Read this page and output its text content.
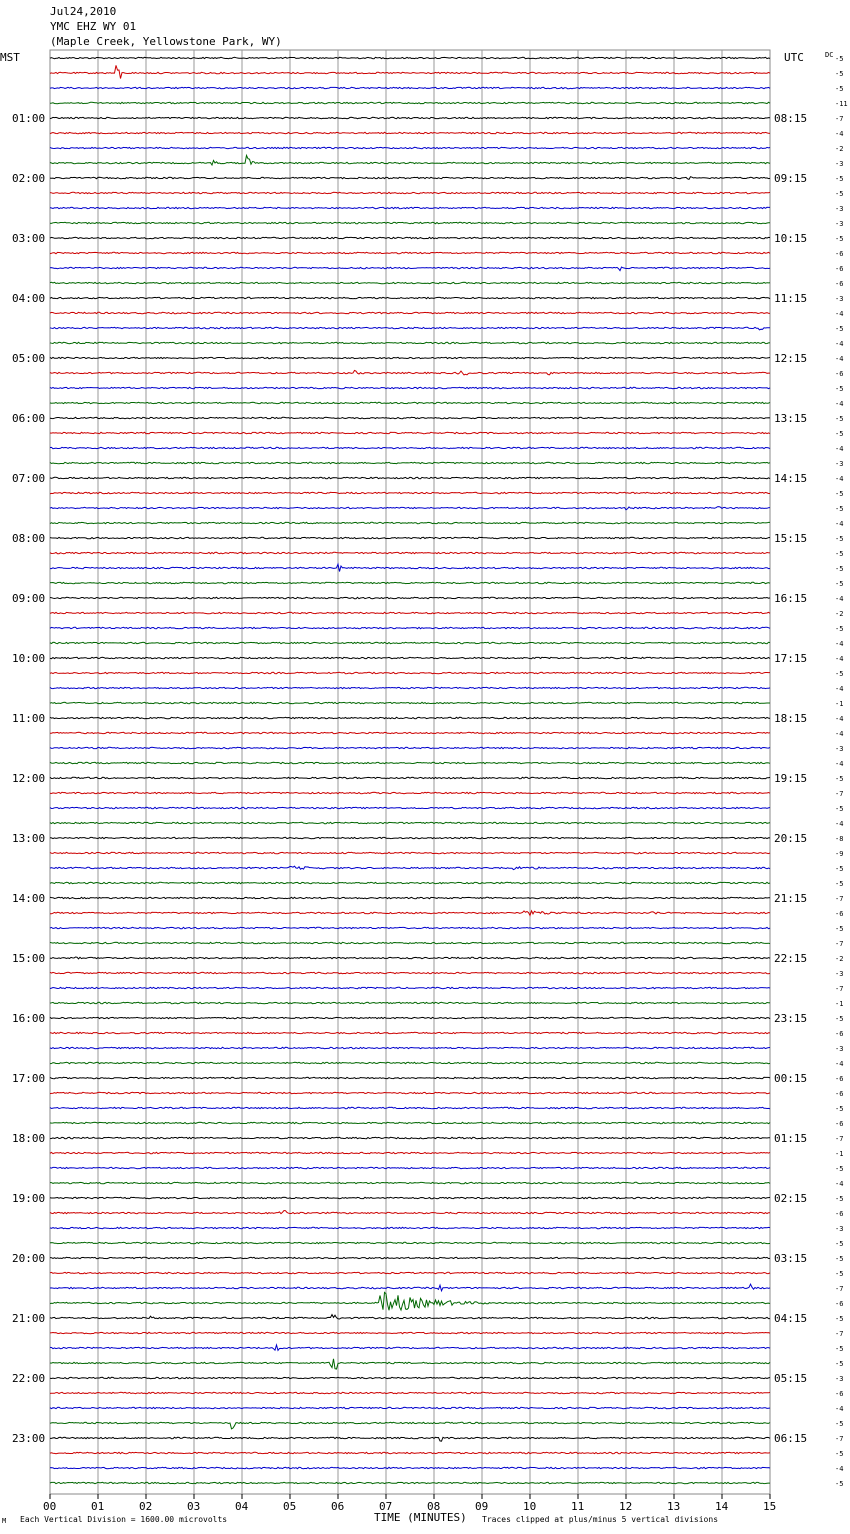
Jul24,2010
YMC EHZ WY 01
(Maple Creek, Yellowstone Park, WY)
-5
-5
-5
-11
-7
-4
-2
-3
-5
-5
-3
-3
-5
-6
-6
-6
-3
-4
-5
-4
-4
-6
-5
-4
-5
-5
-4
-3
-4
-5
-5
-4
-5
-5
-5
-5
-4
-2
-5
-4
-4
-5
-4
-1
-4
-4
-3
-4
-5
-7
-5
-4
-8
-9
-5
-5
-7
-6
-5
-7
-2
-3
-7
-1
-5
-6
-3
-4
-6
-6
-5
-6
-7
-1
-5
-4
-5
-6
-3
-5
-5
-5
-7
-6
-5
-7
-5
-5
-3
-6
-4
-5
-7
-5
-4
-5
MST	UTC	DC
01:00
02:00
03:00
04:00
05:00
06:00
07:00
08:00
09:00
10:00
11:00
12:00
13:00
14:00
15:00
16:00
17:00
18:00
19:00
20:00
21:00
22:00
23:00
08:15
09:15
10:15
11:15
12:15
13:15
14:15
15:15
16:15
17:15
18:15
19:15
20:15
21:15
22:15
23:15
00:15
01:15
02:15
03:15
04:15
05:15
06:15
00	01	02	03	04	05	06	07	08	09	10	11	12	13	14	15
M Each Vertical Division = 1600.00 microvolts	TIME (MINUTES) Traces clipped at plus/minus 5 vertical divisions
